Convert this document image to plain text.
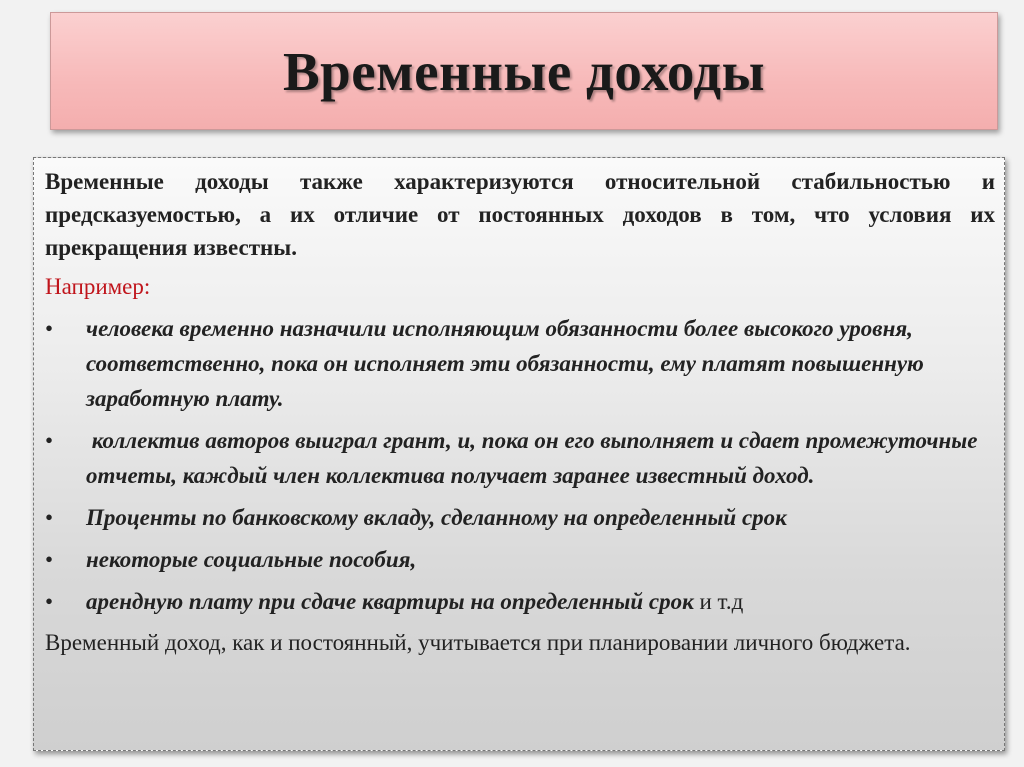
Временные доходы

Временные доходы также характеризуются относительной стабильностью и предсказуемостью, а их отличие от постоянных доходов в том, что условия их прекращения известны.

Например:
• человека временно назначили исполняющим обязанности более высокого уровня, соответственно, пока он исполняет эти обязанности, ему платят повышенную заработную плату.
• коллектив авторов выиграл грант, и, пока он его выполняет и сдает промежуточные отчеты, каждый член коллектива получает заранее известный доход.
• Проценты по банковскому вкладу, сделанному на определенный срок
• некоторые социальные пособия,
• арендную плату при сдаче квартиры на определенный срок и т.д

Временный доход, как и постоянный, учитывается при планировании личного бюджета.
